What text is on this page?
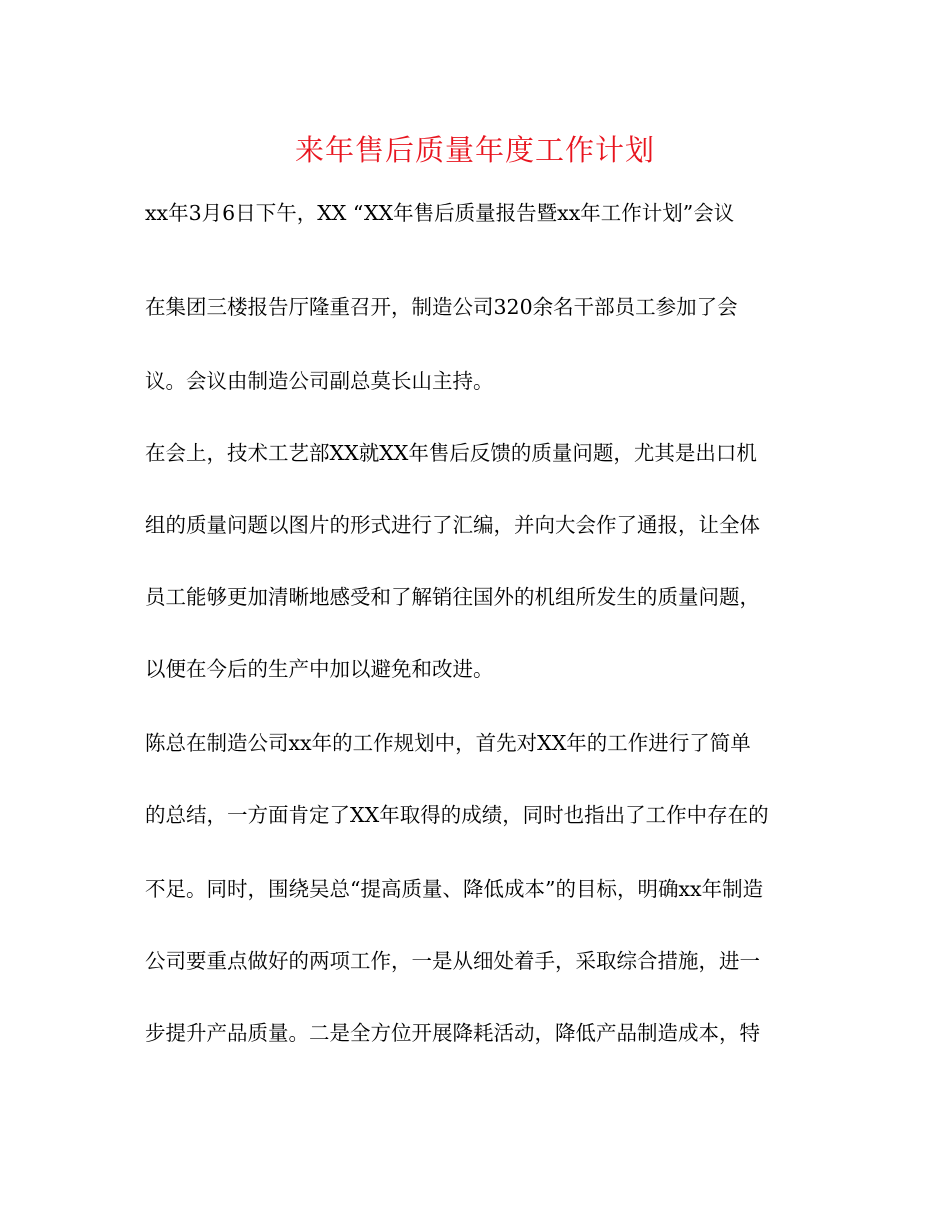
来年售后质量年度工作计划
xx年3月6日下午，XX “XX年售后质量报告暨xx年工作计划”会议
在集团三楼报告厅隆重召开，制造公司320余名干部员工参加了会
议。会议由制造公司副总莫长山主持。
在会上，技术工艺部XX就XX年售后反馈的质量问题，尤其是出口机
组的质量问题以图片的形式进行了汇编，并向大会作了通报，让全体
员工能够更加清晰地感受和了解销往国外的机组所发生的质量问题，
以便在今后的生产中加以避免和改进。
陈总在制造公司xx年的工作规划中，首先对XX年的工作进行了简单
的总结，一方面肯定了XX年取得的成绩，同时也指出了工作中存在的
不足。同时，围绕吴总“提高质量、降低成本”的目标，明确xx年制造
公司要重点做好的两项工作，一是从细处着手，采取综合措施，进一
步提升产品质量。二是全方位开展降耗活动，降低产品制造成本，特
